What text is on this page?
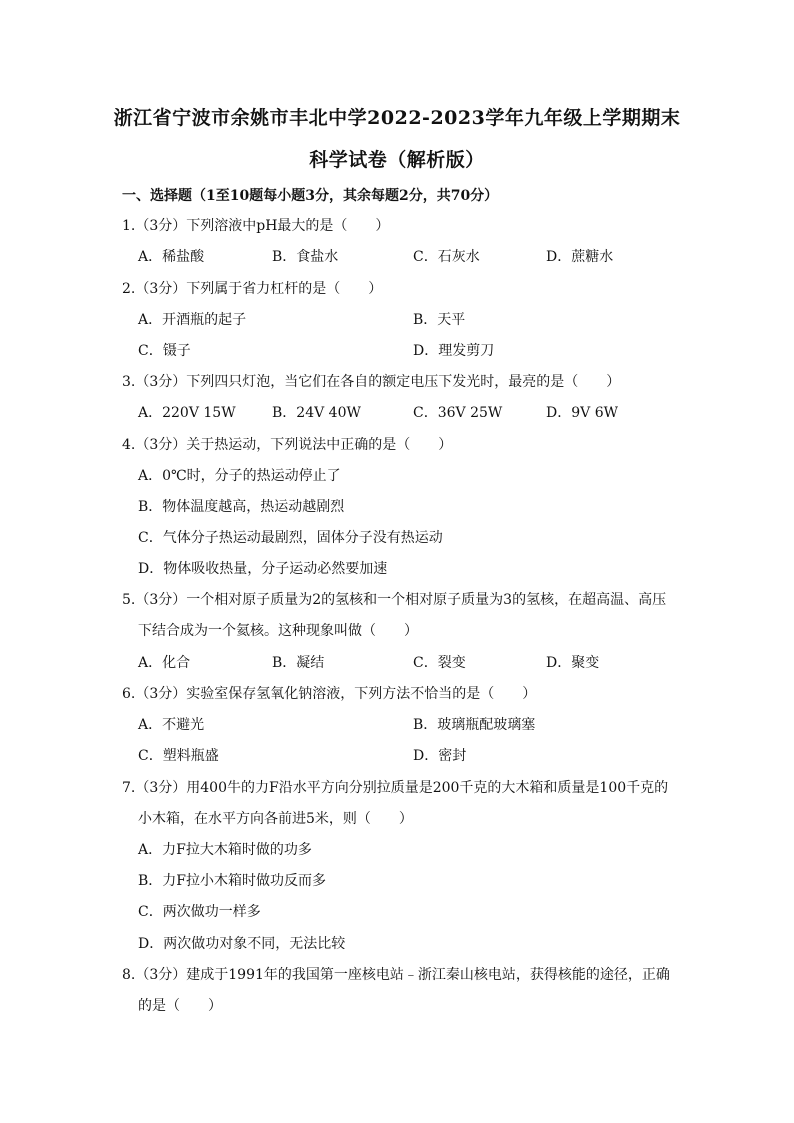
浙江省宁波市余姚市丰北中学2022-2023学年九年级上学期期末
科学试卷（解析版）
一、选择题（1至10题每小题3分，其余每题2分，共70分）
1.（3分）下列溶液中pH最大的是（　　）
A．稀盐酸	B．食盐水	C．石灰水	D．蔗糖水
2.（3分）下列属于省力杠杆的是（　　）
A．开酒瓶的起子	B．天平
C．镊子	D．理发剪刀
3.（3分）下列四只灯泡，当它们在各自的额定电压下发光时，最亮的是（　　）
A．220V 15W	B．24V 40W	C．36V 25W	D．9V 6W
4.（3分）关于热运动，下列说法中正确的是（　　）
A．0℃时，分子的热运动停止了
B．物体温度越高，热运动越剧烈
C．气体分子热运动最剧烈，固体分子没有热运动
D．物体吸收热量，分子运动必然要加速
5.（3分）一个相对原子质量为2的氢核和一个相对原子质量为3的氢核，在超高温、高压
下结合成为一个氦核。这种现象叫做（　　）
A．化合	B．凝结	C．裂变	D．聚变
6.（3分）实验室保存氢氧化钠溶液，下列方法不恰当的是（　　）
A．不避光	B．玻璃瓶配玻璃塞
C．塑料瓶盛	D．密封
7.（3分）用400牛的力F沿水平方向分别拉质量是200千克的大木箱和质量是100千克的
小木箱，在水平方向各前进5米，则（　　）
A．力F拉大木箱时做的功多
B．力F拉小木箱时做功反而多
C．两次做功一样多
D．两次做功对象不同，无法比较
8.（3分）建成于1991年的我国第一座核电站﹣浙江秦山核电站，获得核能的途径，正确
的是（　　）
